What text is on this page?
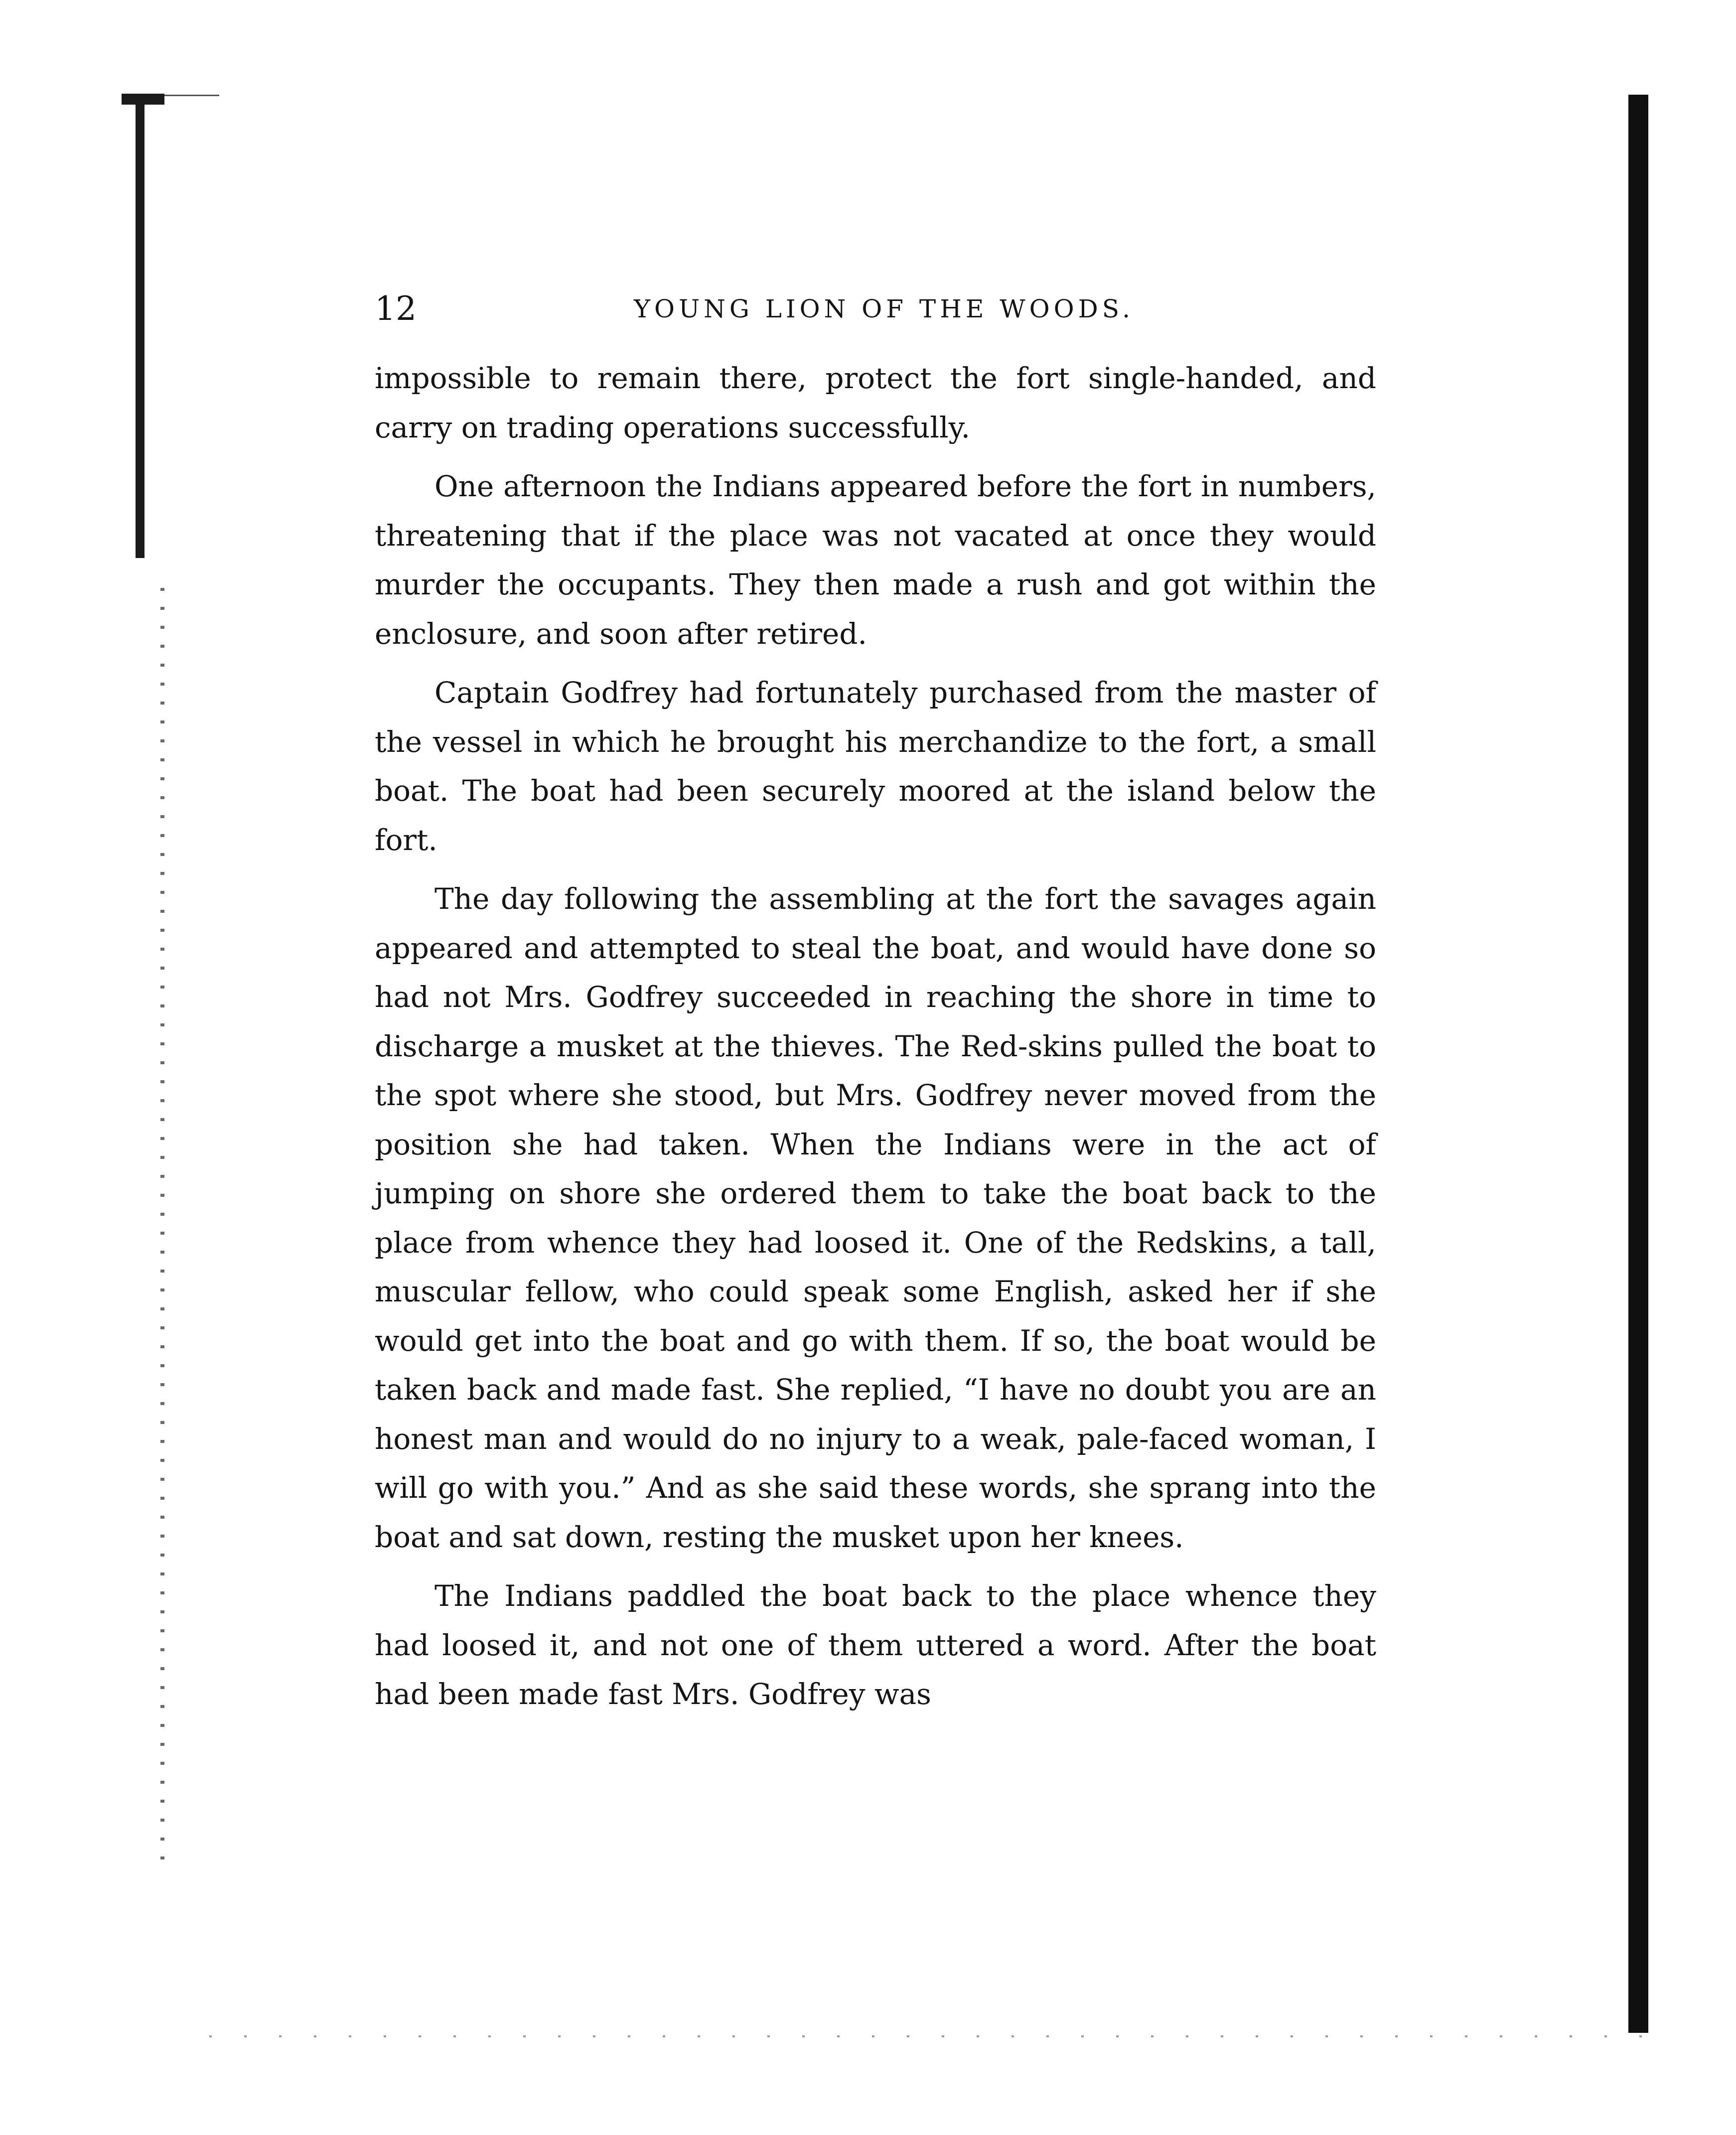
12	YOUNG LION OF THE WOODS.

impossible to remain there, protect the fort single-handed, and carry on trading operations successfully.

One afternoon the Indians appeared before the fort in numbers, threatening that if the place was not vacated at once they would murder the occupants. They then made a rush and got within the enclosure, and soon after retired.

Captain Godfrey had fortunately purchased from the master of the vessel in which he brought his merchandize to the fort, a small boat. The boat had been securely moored at the island below the fort.

The day following the assembling at the fort the savages again appeared and attempted to steal the boat, and would have done so had not Mrs. Godfrey succeeded in reaching the shore in time to discharge a musket at the thieves. The Red-skins pulled the boat to the spot where she stood, but Mrs. Godfrey never moved from the position she had taken. When the Indians were in the act of jumping on shore she ordered them to take the boat back to the place from whence they had loosed it. One of the Redskins, a tall, muscular fellow, who could speak some English, asked her if she would get into the boat and go with them. If so, the boat would be taken back and made fast. She replied, “I have no doubt you are an honest man and would do no injury to a weak, pale-faced woman, I will go with you.” And as she said these words, she sprang into the boat and sat down, resting the musket upon her knees.

The Indians paddled the boat back to the place whence they had loosed it, and not one of them uttered a word. After the boat had been made fast Mrs. Godfrey was
